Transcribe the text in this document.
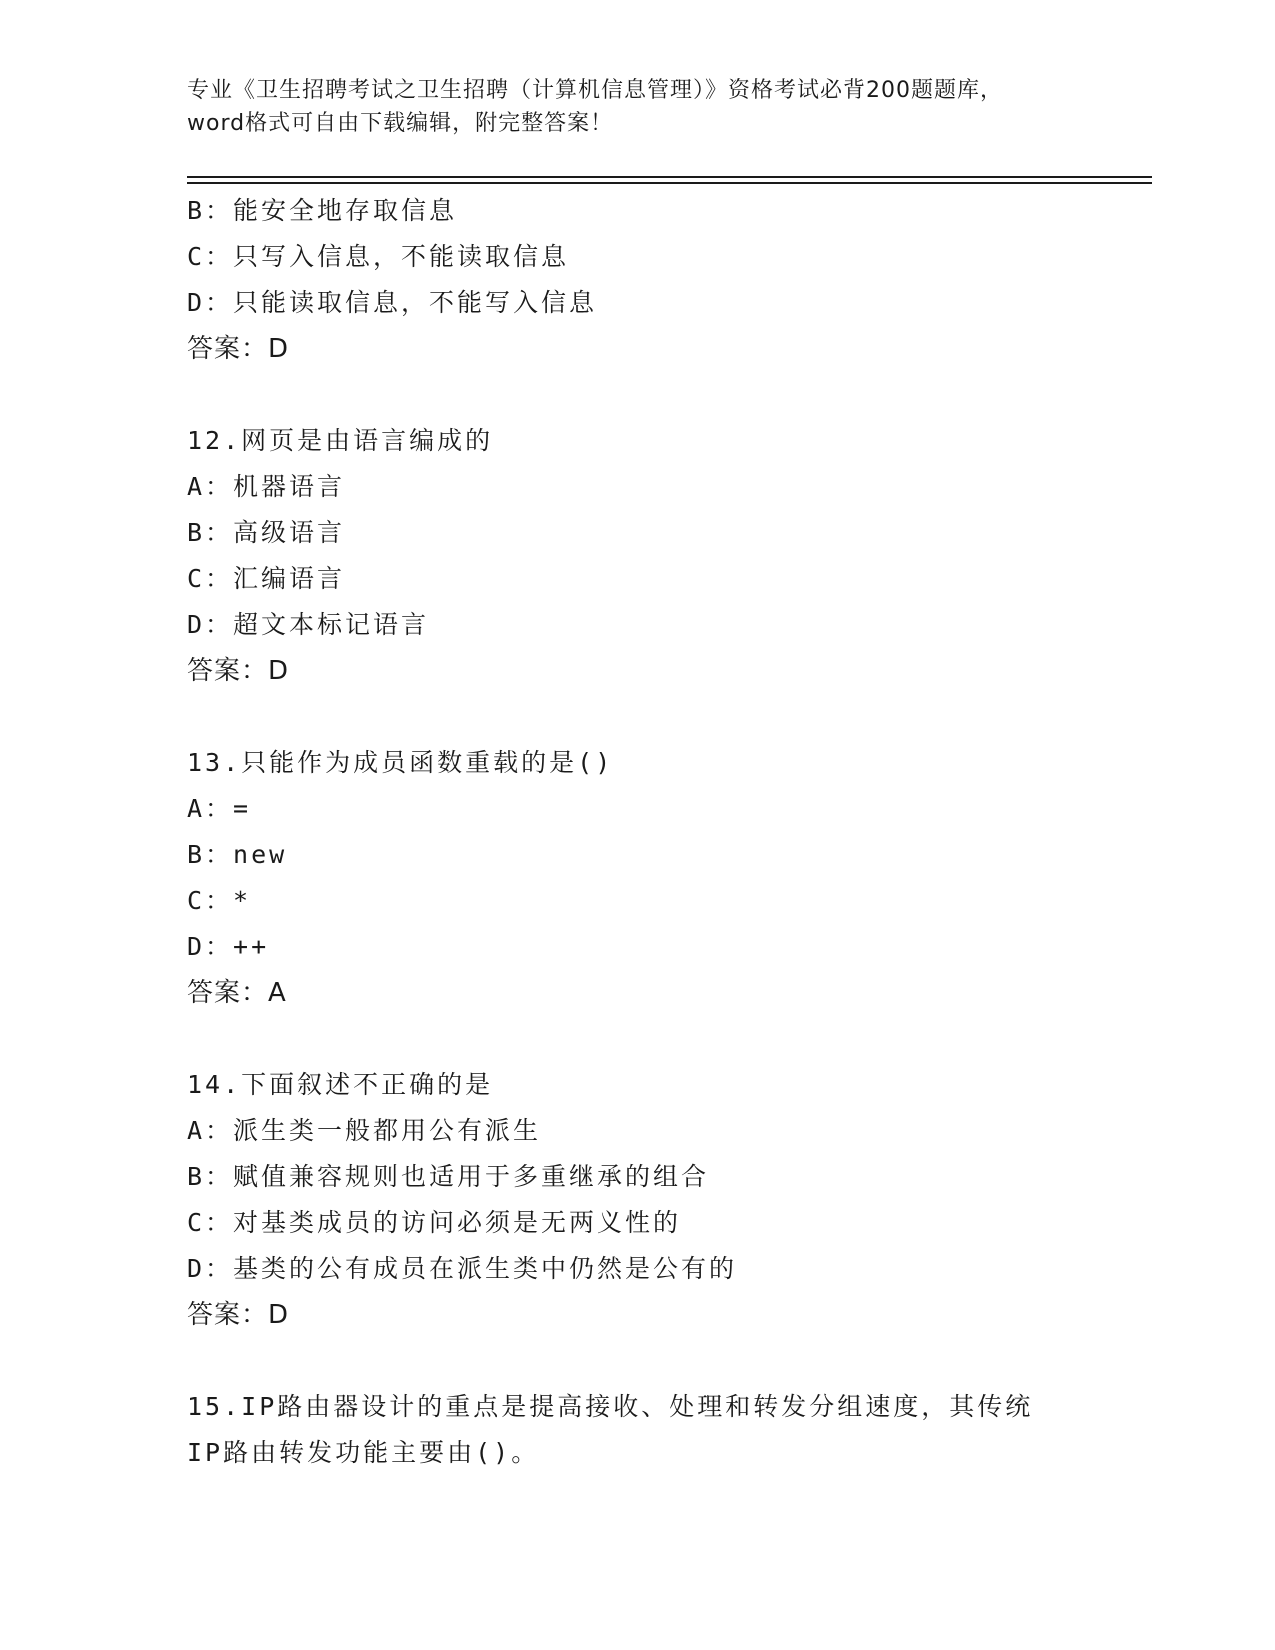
专业《卫生招聘考试之卫生招聘（计算机信息管理）》资格考试必背200题题库，
word格式可自由下载编辑，附完整答案！
B：能安全地存取信息
C：只写入信息，不能读取信息
D：只能读取信息，不能写入信息
答案：D
12.网页是由语言编成的
A：机器语言
B：高级语言
C：汇编语言
D：超文本标记语言
答案：D
13.只能作为成员函数重载的是()
A：=
B：new
C：*
D：++
答案：A
14.下面叙述不正确的是
A：派生类一般都用公有派生
B：赋值兼容规则也适用于多重继承的组合
C：对基类成员的访问必须是无两义性的
D：基类的公有成员在派生类中仍然是公有的
答案：D
15.IP路由器设计的重点是提高接收、处理和转发分组速度，其传统
IP路由转发功能主要由()。
